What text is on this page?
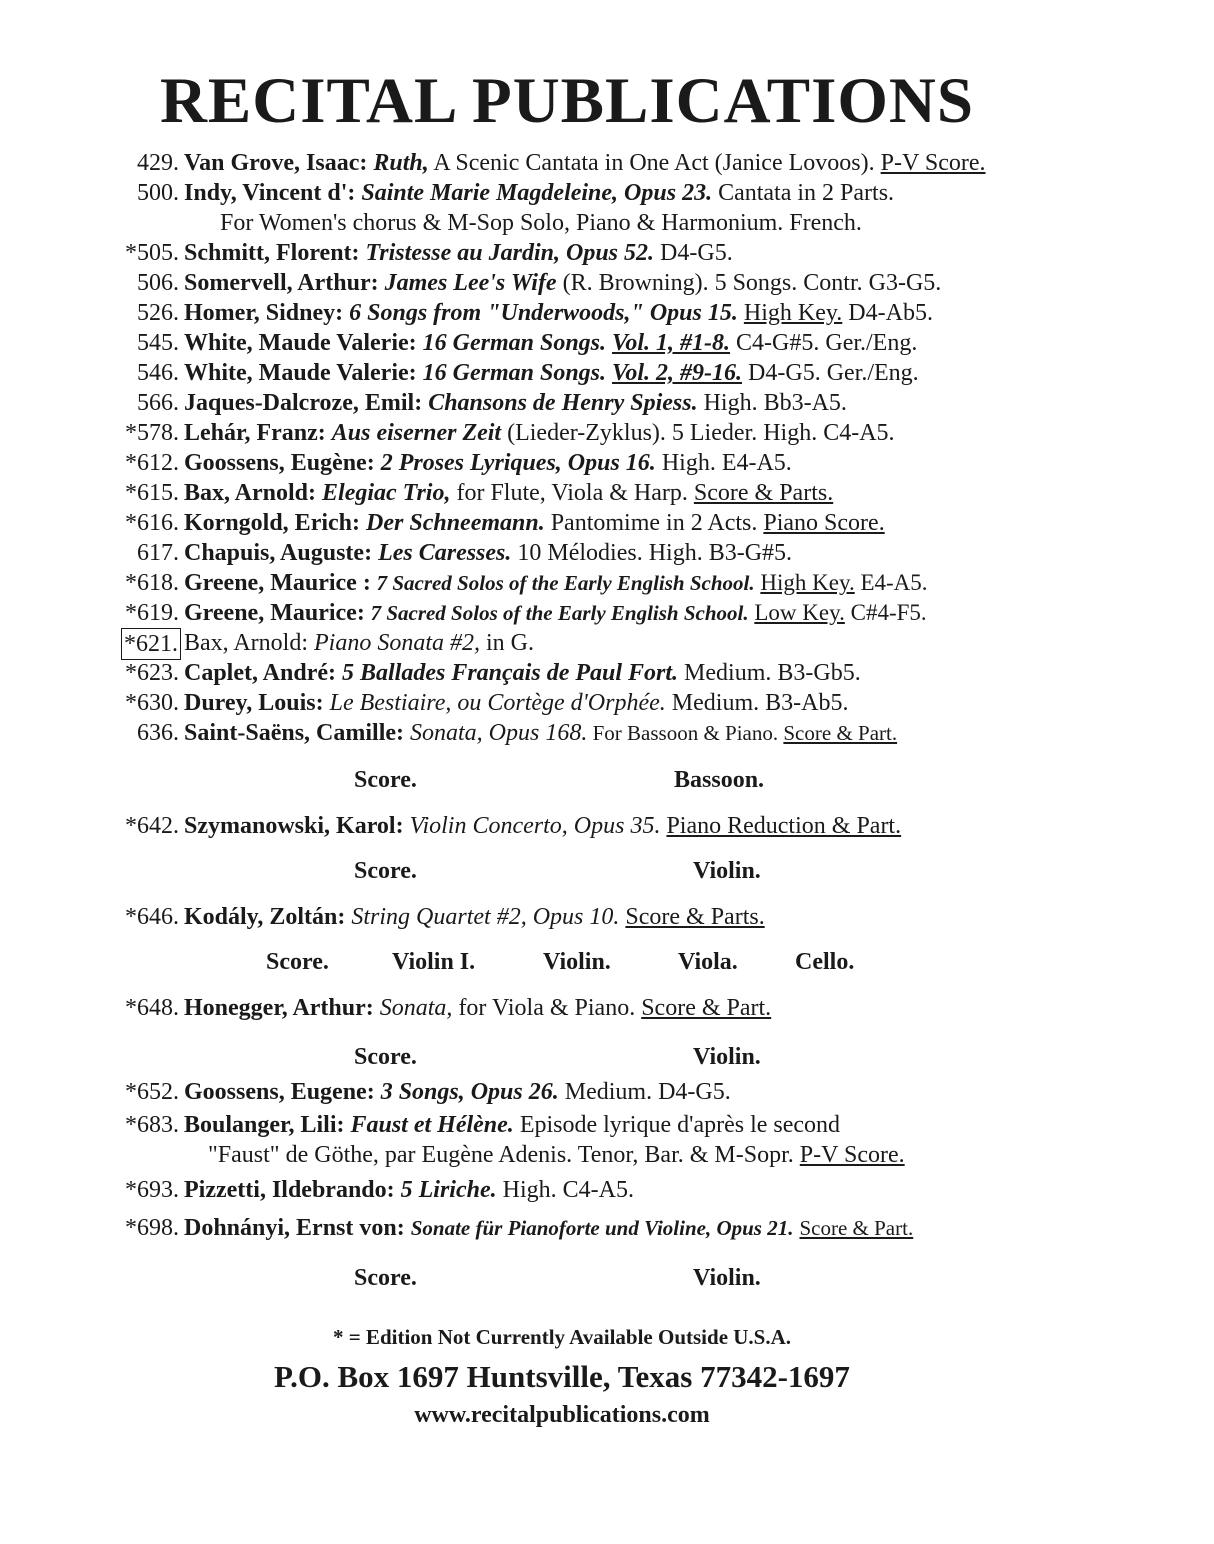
RECITAL PUBLICATIONS
429. Van Grove, Isaac: Ruth, A Scenic Cantata in One Act (Janice Lovoos). P-V Score.
500. Indy, Vincent d': Sainte Marie Magdeleine, Opus 23. Cantata in 2 Parts.
For Women's chorus & M-Sop Solo, Piano & Harmonium. French.
*505. Schmitt, Florent: Tristesse au Jardin, Opus 52. D4-G5.
506. Somervell, Arthur: James Lee's Wife (R. Browning). 5 Songs. Contr. G3-G5.
526. Homer, Sidney: 6 Songs from "Underwoods," Opus 15. High Key. D4-Ab5.
545. White, Maude Valerie: 16 German Songs. Vol. 1, #1-8. C4-G#5. Ger./Eng.
546. White, Maude Valerie: 16 German Songs. Vol. 2, #9-16. D4-G5. Ger./Eng.
566. Jaques-Dalcroze, Emil: Chansons de Henry Spiess. High. Bb3-A5.
*578. Lehár, Franz: Aus eiserner Zeit (Lieder-Zyklus). 5 Lieder. High. C4-A5.
*612. Goossens, Eugène: 2 Proses Lyriques, Opus 16. High. E4-A5.
*615. Bax, Arnold: Elegiac Trio, for Flute, Viola & Harp. Score & Parts.
*616. Korngold, Erich: Der Schneemann. Pantomime in 2 Acts. Piano Score.
617. Chapuis, Auguste: Les Caresses. 10 Mélodies. High. B3-G#5.
*618. Greene, Maurice : 7 Sacred Solos of the Early English School. High Key. E4-A5.
*619. Greene, Maurice: 7 Sacred Solos of the Early English School. Low Key. C#4-F5.
*621. Bax, Arnold: Piano Sonata #2, in G.
*623. Caplet, André: 5 Ballades Français de Paul Fort. Medium. B3-Gb5.
*630. Durey, Louis: Le Bestiaire, ou Cortège d'Orphée. Medium. B3-Ab5.
636. Saint-Saëns, Camille: Sonata, Opus 168. For Bassoon & Piano. Score & Part.
Score.	Bassoon.
*642. Szymanowski, Karol: Violin Concerto, Opus 35. Piano Reduction & Part.
Score.	Violin.
*646. Kodály, Zoltán: String Quartet #2, Opus 10. Score & Parts.
Score.	Violin I.	Violin.	Viola. Cello.
*648. Honegger, Arthur: Sonata, for Viola & Piano. Score & Part.
Score.	Violin.
*652. Goossens, Eugene: 3 Songs, Opus 26. Medium. D4-G5.
*683. Boulanger, Lili: Faust et Hélène. Episode lyrique d'après le second
"Faust" de Göthe, par Eugène Adenis. Tenor, Bar. & M-Sopr. P-V Score.
*693. Pizzetti, Ildebrando: 5 Liriche. High. C4-A5.
*698. Dohnányi, Ernst von: Sonate für Pianoforte und Violine, Opus 21. Score & Part.
Score.	Violin.
* = Edition Not Currently Available Outside U.S.A.
P.O. Box 1697 Huntsville, Texas 77342-1697
www.recitalpublications.com
